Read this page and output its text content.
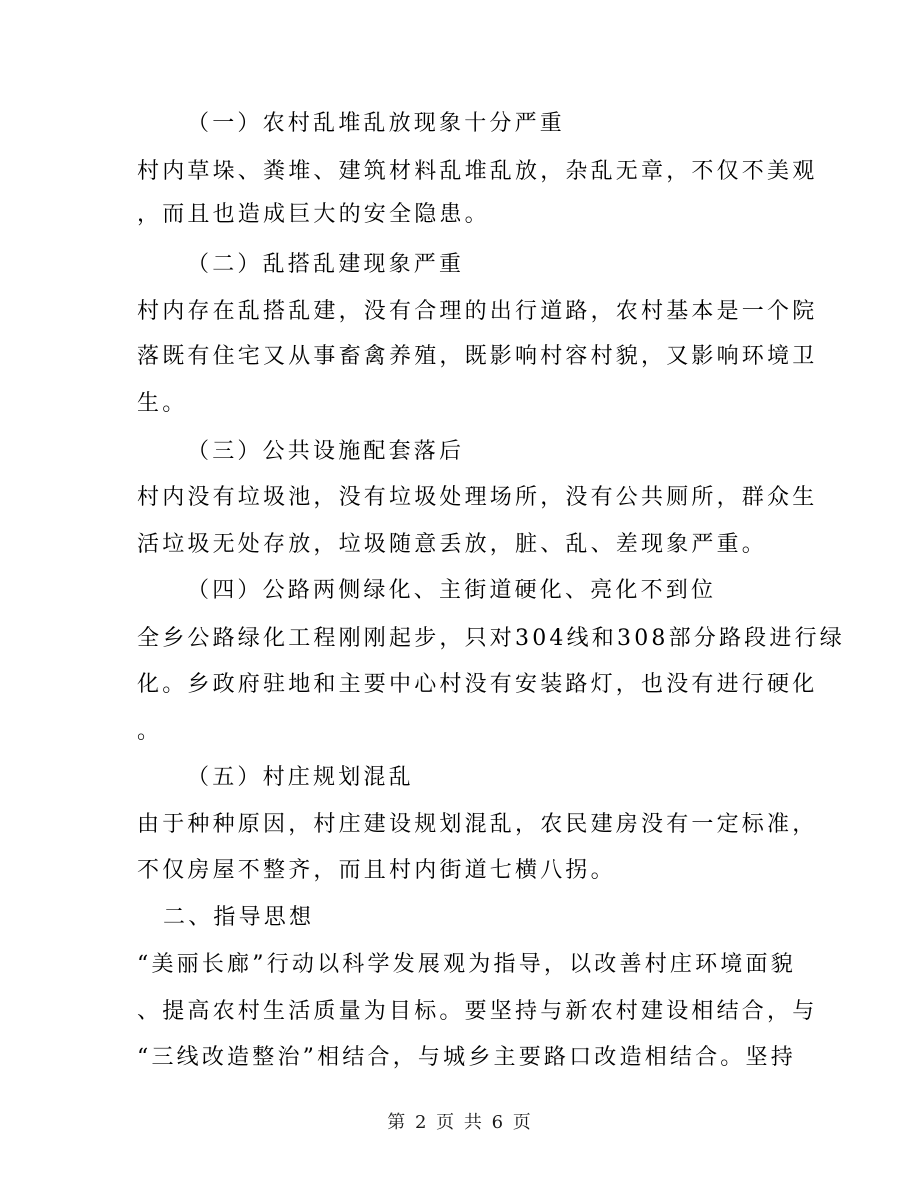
（一）农村乱堆乱放现象十分严重
村内草垛、粪堆、建筑材料乱堆乱放，杂乱无章，不仅不美观
，而且也造成巨大的安全隐患。
（二）乱搭乱建现象严重
村内存在乱搭乱建，没有合理的出行道路，农村基本是一个院
落既有住宅又从事畜禽养殖，既影响村容村貌，又影响环境卫
生。
（三）公共设施配套落后
村内没有垃圾池，没有垃圾处理场所，没有公共厕所，群众生
活垃圾无处存放，垃圾随意丢放，脏、乱、差现象严重。
（四）公路两侧绿化、主街道硬化、亮化不到位
全乡公路绿化工程刚刚起步，只对304线和308部分路段进行绿
化。乡政府驻地和主要中心村没有安装路灯，也没有进行硬化
。
（五）村庄规划混乱
由于种种原因，村庄建设规划混乱，农民建房没有一定标准，
不仅房屋不整齐，而且村内街道七横八拐。
二、指导思想
“美丽长廊”行动以科学发展观为指导，以改善村庄环境面貌
、提高农村生活质量为目标。要坚持与新农村建设相结合，与
“三线改造整治”相结合，与城乡主要路口改造相结合。坚持
第 2 页 共 6 页
